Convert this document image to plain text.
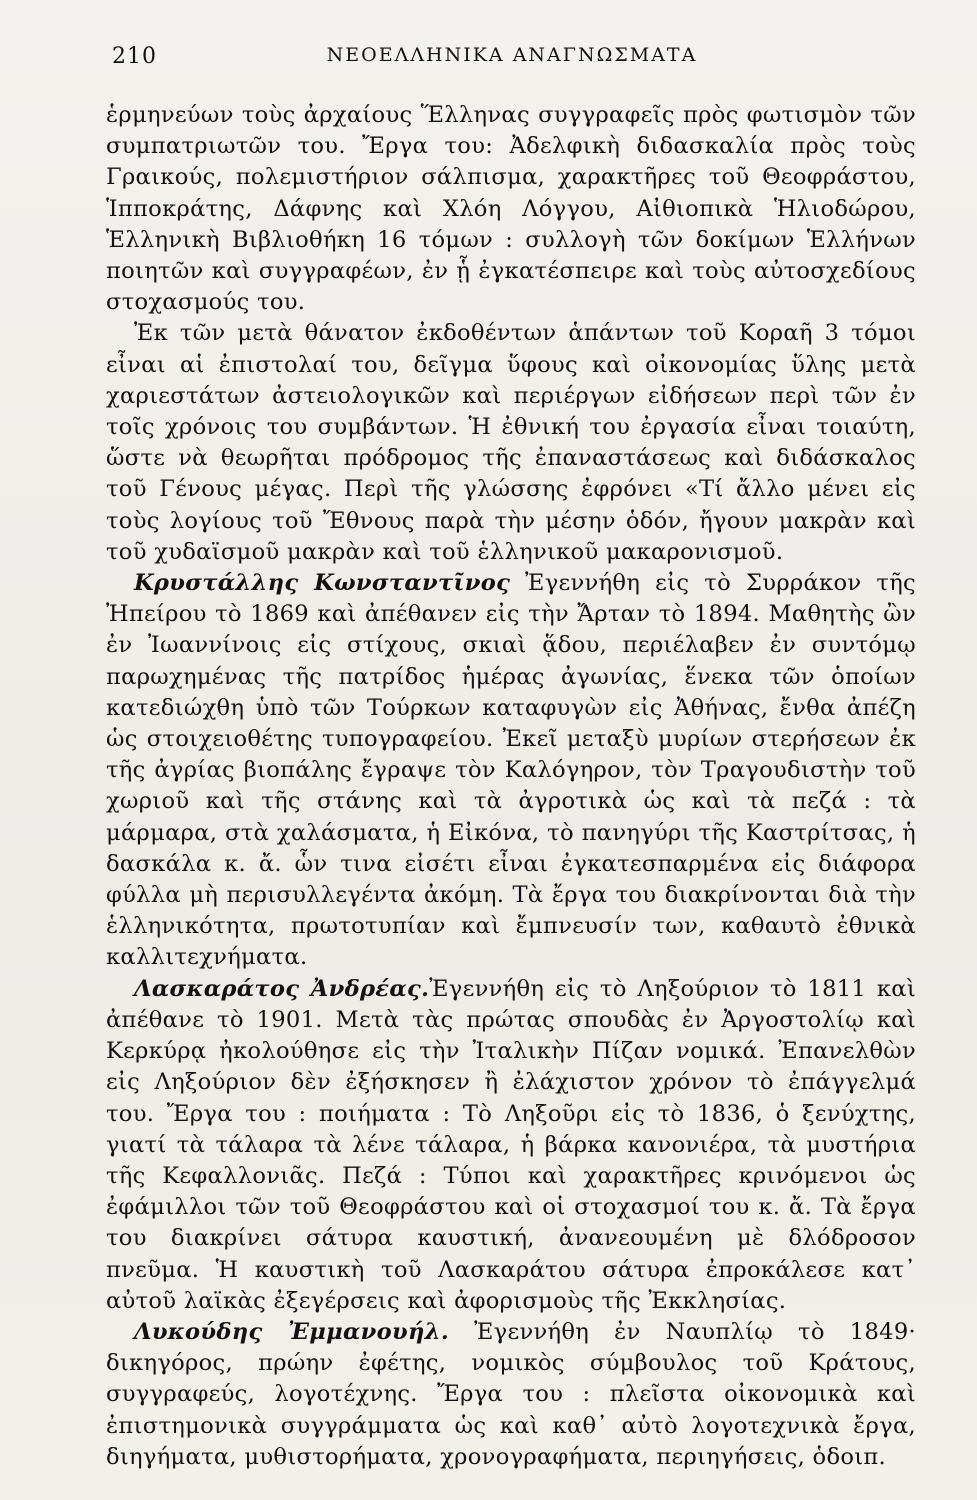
210	ΝΕΟΕΛΛΗΝΙΚΑ ΑΝΑΓΝΩΣΜΑΤΑ

ἑρμηνεύων τοὺς ἀρχαίους Ἕλληνας συγγραφεῖς πρὸς φωτισμὸν τῶν συμπατριωτῶν του. Ἔργα του: Ἀδελφικὴ διδασκαλία πρὸς τοὺς Γραικούς, πολεμιστήριον σάλπισμα, χαρακτῆρες τοῦ Θεοφράστου, Ἱπποκράτης, Δάφνης καὶ Χλόη Λόγγου, Αἰθιοπικὰ Ἡλιοδώρου, Ἑλληνικὴ Βιβλιοθήκη 16 τόμων : συλλογὴ τῶν δοκίμων Ἑλλήνων ποιητῶν καὶ συγγραφέων, ἐν ᾗ ἐγκατέσπειρε καὶ τοὺς αὐτοσχεδίους στοχασμούς του.

Ἐκ τῶν μετὰ θάνατον ἐκδοθέντων ἁπάντων τοῦ Κοραῆ 3 τόμοι εἶναι αἱ ἐπιστολαί του, δεῖγμα ὕφους καὶ οἰκονομίας ὕλης μετὰ χαριεστάτων ἀστειολογικῶν καὶ περιέργων εἰδήσεων περὶ τῶν ἐν τοῖς χρόνοις του συμβάντων. Ἡ ἐθνική του ἐργασία εἶναι τοιαύτη, ὥστε νὰ θεωρῆται πρόδρομος τῆς ἐπαναστάσεως καὶ διδάσκαλος τοῦ Γένους μέγας. Περὶ τῆς γλώσσης ἐφρόνει «Τί ἄλλο μένει εἰς τοὺς λογίους τοῦ Ἔθνους παρὰ τὴν μέσην ὁδόν, ἤγουν μακρὰν καὶ τοῦ χυδαϊσμοῦ μακρὰν καὶ τοῦ ἑλληνικοῦ μακαρονισμοῦ.

Κρυστάλλης Κωνσταντῖνος Ἐγεννήθη εἰς τὸ Συρράκον τῆς Ἠπείρου τὸ 1869 καὶ ἀπέθανεν εἰς τὴν Ἄρταν τὸ 1894. Μαθητὴς ὢν ἐν Ἰωαννίνοις εἰς στίχους, σκιαὶ ᾅδου, περιέλαβεν ἐν συντόμῳ παρωχημένας τῆς πατρίδος ἡμέρας ἀγωνίας, ἕνεκα τῶν ὁποίων κατεδιώχθη ὑπὸ τῶν Τούρκων καταφυγὼν εἰς Ἀθήνας, ἔνθα ἀπέζη ὡς στοιχειοθέτης τυπογραφείου. Ἐκεῖ μεταξὺ μυρίων στερήσεων ἐκ τῆς ἀγρίας βιοπάλης ἔγραψε τὸν Καλόγηρον, τὸν Τραγουδιστὴν τοῦ χωριοῦ καὶ τῆς στάνης καὶ τὰ ἀγροτικὰ ὡς καὶ τὰ πεζά : τὰ μάρμαρα, στὰ χαλάσματα, ἡ Εἰκόνα, τὸ πανηγύρι τῆς Καστρίτσας, ἡ δασκάλα κ. ἄ. ὧν τινα εἰσέτι εἶναι ἐγκατεσπαρμένα εἰς διάφορα φύλλα μὴ περισυλλεγέντα ἀκόμη. Τὰ ἔργα του διακρίνονται διὰ τὴν ἑλληνικότητα, πρωτοτυπίαν καὶ ἔμπνευσίν των, καθαυτὸ ἐθνικὰ καλλιτεχνήματα.

Λασκαράτος Ἀνδρέας.Ἐγεννήθη εἰς τὸ Ληξούριον τὸ 1811 καὶ ἀπέθανε τὸ 1901. Μετὰ τὰς πρώτας σπουδὰς ἐν Ἀργοστολίῳ καὶ Κερκύρᾳ ἠκολούθησε εἰς τὴν Ἰταλικὴν Πίζαν νομικά. Ἐπανελθὼν εἰς Ληξούριον δὲν ἐξήσκησεν ἢ ἐλάχιστον χρόνον τὸ ἐπάγγελμά του. Ἔργα του : ποιήματα : Τὸ Ληξοῦρι εἰς τὸ 1836, ὁ ξενύχτης, γιατί τὰ τάλαρα τὰ λένε τάλαρα, ἡ βάρκα κανονιέρα, τὰ μυστήρια τῆς Κεφαλλονιᾶς. Πεζά : Τύποι καὶ χαρακτῆρες κρινόμενοι ὡς ἐφάμιλλοι τῶν τοῦ Θεοφράστου καὶ οἱ στοχασμοί του κ. ἄ. Τὰ ἔργα του διακρίνει σάτυρα καυστική, ἀνανεουμένη μὲ δλόδροσον πνεῦμα. Ἡ καυστικὴ τοῦ Λασκαράτου σάτυρα ἐπροκάλεσε κατ᾽ αὐτοῦ λαϊκὰς ἐξεγέρσεις καὶ ἀφορισμοὺς τῆς Ἐκκλησίας.

Λυκούδης Ἐμμανουήλ. Ἐγεννήθη ἐν Ναυπλίῳ τὸ 1849· δικηγόρος, πρώην ἐφέτης, νομικὸς σύμβουλος τοῦ Κράτους, συγγραφεύς, λογοτέχνης. Ἔργα του : πλεῖστα οἰκονομικὰ καὶ ἐπιστημονικὰ συγγράμματα ὡς καὶ καθ᾽ αὐτὸ λογοτεχνικὰ ἔργα, διηγήματα, μυθιστορήματα, χρονογραφήματα, περιηγήσεις, ὁδοιπ.
